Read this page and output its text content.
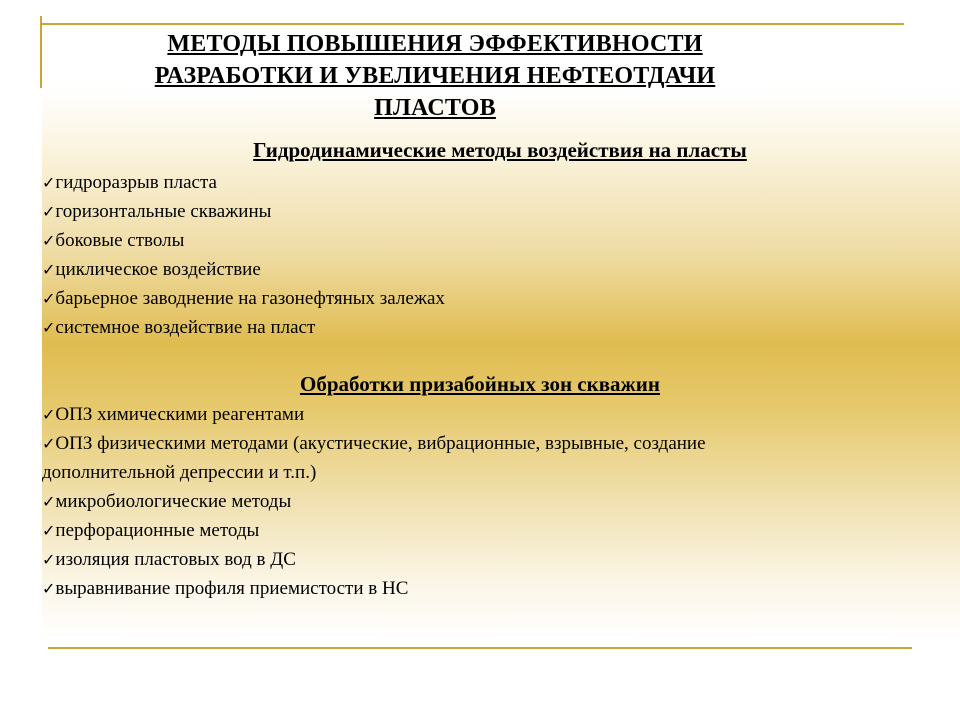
МЕТОДЫ ПОВЫШЕНИЯ ЭФФЕКТИВНОСТИ
РАЗРАБОТКИ И УВЕЛИЧЕНИЯ НЕФТЕОТДАЧИ
ПЛАСТОВ
Гидродинамические методы воздействия на пласты
✓гидроразрыв пласта
✓горизонтальные скважины
✓боковые стволы
✓циклическое воздействие
✓барьерное заводнение на газонефтяных залежах
✓системное воздействие на пласт
Обработки призабойных зон скважин
✓ОПЗ химическими реагентами
✓ОПЗ физическими методами (акустические, вибрационные, взрывные, создание
дополнительной депрессии и т.п.)
✓микробиологические методы
✓перфорационные методы
✓изоляция пластовых вод в ДС
✓выравнивание профиля приемистости в НС
